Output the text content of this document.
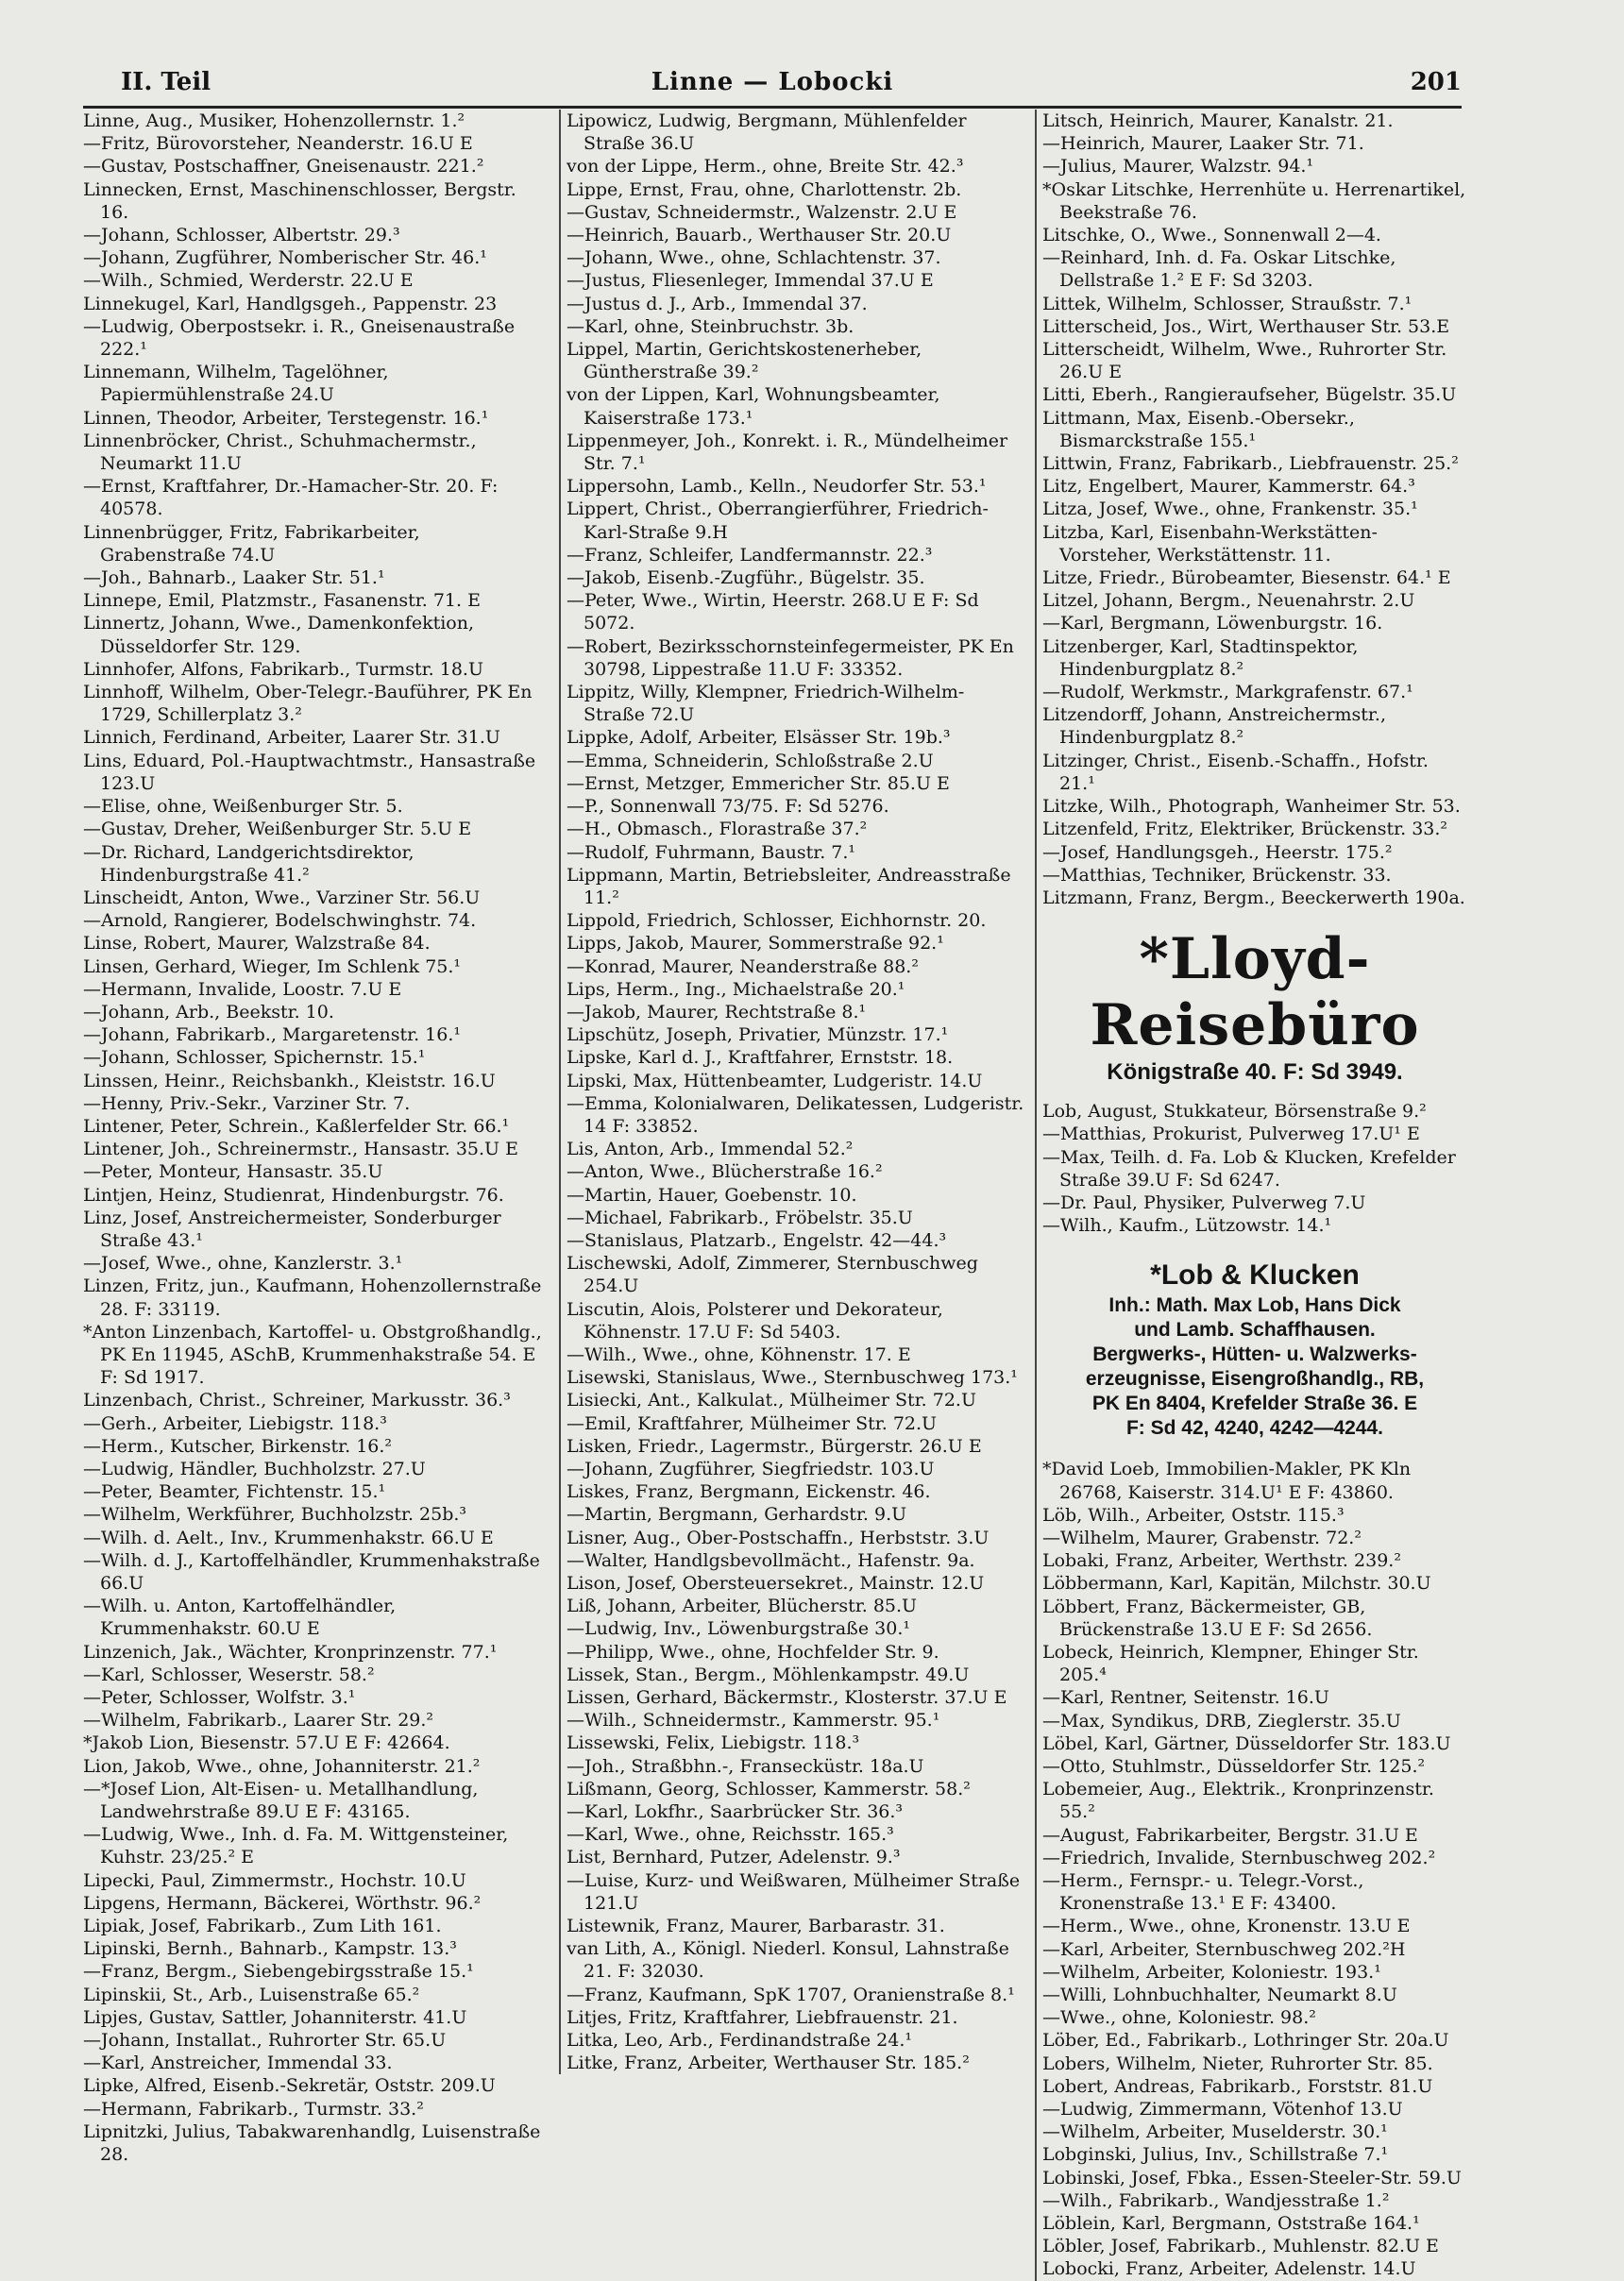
II. Teil	Linne — Lobocki	201
Linne, Aug., Musiker, Hohenzollernstr. 1.²
—Fritz, Bürovorsteher, Neanderstr. 16.U E
—Gustav, Postschaffner, Gneisenaustr. 221.²
Linnecken, Ernst, Maschinenschlosser, Bergstr. 16.
—Johann, Schlosser, Albertstr. 29.³
—Johann, Zugführer, Nomberischer Str. 46.¹
—Wilh., Schmied, Werderstr. 22.U E
Linnekugel, Karl, Handlgsgeh., Pappenstr. 23
—Ludwig, Oberpostsekr. i. R., Gneisenaustraße 222.¹
Linnemann, Wilhelm, Tagelöhner, Papiermühlenstraße 24.U
Linnen, Theodor, Arbeiter, Terstegenstr. 16.¹
Linnenbröcker, Christ., Schuhmachermstr., Neumarkt 11.U
—Ernst, Kraftfahrer, Dr.-Hamacher-Str. 20. F: 40578.
Linnenbrügger, Fritz, Fabrikarbeiter, Grabenstraße 74.U
—Joh., Bahnarb., Laaker Str. 51.¹
Linnepe, Emil, Platzmstr., Fasanenstr. 71. E
Linnertz, Johann, Wwe., Damenkonfektion, Düsseldorfer Str. 129.
Linnhofer, Alfons, Fabrikarb., Turmstr. 18.U
Linnhoff, Wilhelm, Ober-Telegr.-Bauführer, PK En 1729, Schillerplatz 3.²
Linnich, Ferdinand, Arbeiter, Laarer Str. 31.U
Lins, Eduard, Pol.-Hauptwachtmstr., Hansastraße 123.U
—Elise, ohne, Weißenburger Str. 5.
—Gustav, Dreher, Weißenburger Str. 5.U E
—Dr. Richard, Landgerichtsdirektor, Hindenburgstraße 41.²
Linscheidt, Anton, Wwe., Varziner Str. 56.U
—Arnold, Rangierer, Bodelschwinghstr. 74.
Linse, Robert, Maurer, Walzstraße 84.
Linsen, Gerhard, Wieger, Im Schlenk 75.¹
—Hermann, Invalide, Loostr. 7.U E
—Johann, Arb., Beekstr. 10.
—Johann, Fabrikarb., Margaretenstr. 16.¹
—Johann, Schlosser, Spichernstr. 15.¹
Linssen, Heinr., Reichsbankh., Kleiststr. 16.U
—Henny, Priv.-Sekr., Varziner Str. 7.
Lintener, Peter, Schrein., Kaßlerfelder Str. 66.¹
Lintener, Joh., Schreinermstr., Hansastr. 35.U E
—Peter, Monteur, Hansastr. 35.U
Lintjen, Heinz, Studienrat, Hindenburgstr. 76.
Linz, Josef, Anstreichermeister, Sonderburger Straße 43.¹
—Josef, Wwe., ohne, Kanzlerstr. 3.¹
Linzen, Fritz, jun., Kaufmann, Hohenzollernstraße 28. F: 33119.
*Anton Linzenbach, Kartoffel- u. Obstgroßhandlg., PK En 11945, ASchB, Krummenhakstraße 54. E F: Sd 1917.
Linzenbach, Christ., Schreiner, Markusstr. 36.³
—Gerh., Arbeiter, Liebigstr. 118.³
—Herm., Kutscher, Birkenstr. 16.²
—Ludwig, Händler, Buchholzstr. 27.U
—Peter, Beamter, Fichtenstr. 15.¹
—Wilhelm, Werkführer, Buchholzstr. 25b.³
—Wilh. d. Aelt., Inv., Krummenhakstr. 66.U E
—Wilh. d. J., Kartoffelhändler, Krummenhakstraße 66.U
—Wilh. u. Anton, Kartoffelhändler, Krummenhakstr. 60.U E
Linzenich, Jak., Wächter, Kronprinzenstr. 77.¹
—Karl, Schlosser, Weserstr. 58.²
—Peter, Schlosser, Wolfstr. 3.¹
—Wilhelm, Fabrikarb., Laarer Str. 29.²
*Jakob Lion, Biesenstr. 57.U E F: 42664.
Lion, Jakob, Wwe., ohne, Johanniterstr. 21.²
—*Josef Lion, Alt-Eisen- u. Metallhandlung, Landwehrstraße 89.U E F: 43165.
—Ludwig, Wwe., Inh. d. Fa. M. Wittgensteiner, Kuhstr. 23/25.² E
Lipecki, Paul, Zimmermstr., Hochstr. 10.U
Lipgens, Hermann, Bäckerei, Wörthstr. 96.²
Lipiak, Josef, Fabrikarb., Zum Lith 161.
Lipinski, Bernh., Bahnarb., Kampstr. 13.³
—Franz, Bergm., Siebengebirgsstraße 15.¹
Lipinskii, St., Arb., Luisenstraße 65.²
Lipjes, Gustav, Sattler, Johanniterstr. 41.U
—Johann, Installat., Ruhrorter Str. 65.U
—Karl, Anstreicher, Immendal 33.
Lipke, Alfred, Eisenb.-Sekretär, Oststr. 209.U
—Hermann, Fabrikarb., Turmstr. 33.²
Lipnitzki, Julius, Tabakwarenhandlg, Luisenstraße 28.
Lipowicz, Ludwig, Bergmann, Mühlenfelder Straße 36.U
von der Lippe, Herm., ohne, Breite Str. 42.³
Lippe, Ernst, Frau, ohne, Charlottenstr. 2b.
—Gustav, Schneidermstr., Walzenstr. 2.U E
—Heinrich, Bauarb., Werthauser Str. 20.U
—Johann, Wwe., ohne, Schlachtenstr. 37.
—Justus, Fliesenleger, Immendal 37.U E
—Justus d. J., Arb., Immendal 37.
—Karl, ohne, Steinbruchstr. 3b.
Lippel, Martin, Gerichtskostenerheber, Güntherstraße 39.²
von der Lippen, Karl, Wohnungsbeamter, Kaiserstraße 173.¹
Lippenmeyer, Joh., Konrekt. i. R., Mündelheimer Str. 7.¹
Lippersohn, Lamb., Kelln., Neudorfer Str. 53.¹
Lippert, Christ., Oberrangierführer, Friedrich-Karl-Straße 9.H
—Franz, Schleifer, Landfermannstr. 22.³
—Jakob, Eisenb.-Zugführ., Bügelstr. 35.
—Peter, Wwe., Wirtin, Heerstr. 268.U E F: Sd 5072.
—Robert, Bezirksschornsteinfegermeister, PK En 30798, Lippestraße 11.U F: 33352.
Lippitz, Willy, Klempner, Friedrich-Wilhelm-Straße 72.U
Lippke, Adolf, Arbeiter, Elsässer Str. 19b.³
—Emma, Schneiderin, Schloßstraße 2.U
—Ernst, Metzger, Emmericher Str. 85.U E
—P., Sonnenwall 73/75. F: Sd 5276.
—H., Obmasch., Florastraße 37.²
—Rudolf, Fuhrmann, Baustr. 7.¹
Lippmann, Martin, Betriebsleiter, Andreasstraße 11.²
Lippold, Friedrich, Schlosser, Eichhornstr. 20.
Lipps, Jakob, Maurer, Sommerstraße 92.¹
—Konrad, Maurer, Neanderstraße 88.²
Lips, Herm., Ing., Michaelstraße 20.¹
—Jakob, Maurer, Rechtstraße 8.¹
Lipschütz, Joseph, Privatier, Münzstr. 17.¹
Lipske, Karl d. J., Kraftfahrer, Ernststr. 18.
Lipski, Max, Hüttenbeamter, Ludgeristr. 14.U
—Emma, Kolonialwaren, Delikatessen, Ludgeristr. 14 F: 33852.
Lis, Anton, Arb., Immendal 52.²
—Anton, Wwe., Blücherstraße 16.²
—Martin, Hauer, Goebenstr. 10.
—Michael, Fabrikarb., Fröbelstr. 35.U
—Stanislaus, Platzarb., Engelstr. 42—44.³
Lischewski, Adolf, Zimmerer, Sternbuschweg 254.U
Liscutin, Alois, Polsterer und Dekorateur, Köhnenstr. 17.U F: Sd 5403.
—Wilh., Wwe., ohne, Köhnenstr. 17. E
Lisewski, Stanislaus, Wwe., Sternbuschweg 173.¹
Lisiecki, Ant., Kalkulat., Mülheimer Str. 72.U
—Emil, Kraftfahrer, Mülheimer Str. 72.U
Lisken, Friedr., Lagermstr., Bürgerstr. 26.U E
—Johann, Zugführer, Siegfriedstr. 103.U
Liskes, Franz, Bergmann, Eickenstr. 46.
—Martin, Bergmann, Gerhardstr. 9.U
Lisner, Aug., Ober-Postschaffn., Herbststr. 3.U
—Walter, Handlgsbevollmächt., Hafenstr. 9a.
Lison, Josef, Obersteuersekret., Mainstr. 12.U
Liß, Johann, Arbeiter, Blücherstr. 85.U
—Ludwig, Inv., Löwenburgstraße 30.¹
—Philipp, Wwe., ohne, Hochfelder Str. 9.
Lissek, Stan., Bergm., Möhlenkampstr. 49.U
Lissen, Gerhard, Bäckermstr., Klosterstr. 37.U E
—Wilh., Schneidermstr., Kammerstr. 95.¹
Lissewski, Felix, Liebigstr. 118.³
—Joh., Straßbhn.-, Fransecküstr. 18a.U
Lißmann, Georg, Schlosser, Kammerstr. 58.²
—Karl, Lokfhr., Saarbrücker Str. 36.³
—Karl, Wwe., ohne, Reichsstr. 165.³
List, Bernhard, Putzer, Adelenstr. 9.³
—Luise, Kurz- und Weißwaren, Mülheimer Straße 121.U
Listewnik, Franz, Maurer, Barbarastr. 31.
van Lith, A., Königl. Niederl. Konsul, Lahnstraße 21. F: 32030.
—Franz, Kaufmann, SpK 1707, Oranienstraße 8.¹
Litjes, Fritz, Kraftfahrer, Liebfrauenstr. 21.
Litka, Leo, Arb., Ferdinandstraße 24.¹
Litke, Franz, Arbeiter, Werthauser Str. 185.²
Litsch, Heinrich, Maurer, Kanalstr. 21.
—Heinrich, Maurer, Laaker Str. 71.
—Julius, Maurer, Walzstr. 94.¹
*Oskar Litschke, Herrenhüte u. Herrenartikel, Beekstraße 76.
Litschke, O., Wwe., Sonnenwall 2—4.
—Reinhard, Inh. d. Fa. Oskar Litschke, Dellstraße 1.² E F: Sd 3203.
Littek, Wilhelm, Schlosser, Straußstr. 7.¹
Litterscheid, Jos., Wirt, Werthauser Str. 53.E
Litterscheidt, Wilhelm, Wwe., Ruhrorter Str. 26.U E
Litti, Eberh., Rangieraufseher, Bügelstr. 35.U
Littmann, Max, Eisenb.-Obersekr., Bismarckstraße 155.¹
Littwin, Franz, Fabrikarb., Liebfrauenstr. 25.²
Litz, Engelbert, Maurer, Kammerstr. 64.³
Litza, Josef, Wwe., ohne, Frankenstr. 35.¹
Litzba, Karl, Eisenbahn-Werkstätten-Vorsteher, Werkstättenstr. 11.
Litze, Friedr., Bürobeamter, Biesenstr. 64.¹ E
Litzel, Johann, Bergm., Neuenahrstr. 2.U
—Karl, Bergmann, Löwenburgstr. 16.
Litzenberger, Karl, Stadtinspektor, Hindenburgplatz 8.²
—Rudolf, Werkmstr., Markgrafenstr. 67.¹
Litzendorff, Johann, Anstreichermstr., Hindenburgplatz 8.²
Litzinger, Christ., Eisenb.-Schaffn., Hofstr. 21.¹
Litzke, Wilh., Photograph, Wanheimer Str. 53.
Litzenfeld, Fritz, Elektriker, Brückenstr. 33.²
—Josef, Handlungsgeh., Heerstr. 175.²
—Matthias, Techniker, Brückenstr. 33.
Litzmann, Franz, Bergm., Beeckerwerth 190a.
*Lloyd-Reisebüro
Königstraße 40. F: Sd 3949.
Lob, August, Stukkateur, Börsenstraße 9.²
—Matthias, Prokurist, Pulverweg 17.U¹ E
—Max, Teilh. d. Fa. Lob & Klucken, Krefelder Straße 39.U F: Sd 6247.
—Dr. Paul, Physiker, Pulverweg 7.U
—Wilh., Kaufm., Lützowstr. 14.¹
*Lob & Klucken
Inh.: Math. Max Lob, Hans Dick
und Lamb. Schaffhausen.
Bergwerks-, Hütten- u. Walzwerks-
erzeugnisse, Eisengroßhandlg., RB,
PK En 8404, Krefelder Straße 36. E
F: Sd 42, 4240, 4242—4244.
*David Loeb, Immobilien-Makler, PK Kln 26768, Kaiserstr. 314.U¹ E F: 43860.
Löb, Wilh., Arbeiter, Oststr. 115.³
—Wilhelm, Maurer, Grabenstr. 72.²
Lobaki, Franz, Arbeiter, Werthstr. 239.²
Löbbermann, Karl, Kapitän, Milchstr. 30.U
Löbbert, Franz, Bäckermeister, GB, Brückenstraße 13.U E F: Sd 2656.
Lobeck, Heinrich, Klempner, Ehinger Str. 205.⁴
—Karl, Rentner, Seitenstr. 16.U
—Max, Syndikus, DRB, Zieglerstr. 35.U
Löbel, Karl, Gärtner, Düsseldorfer Str. 183.U
—Otto, Stuhlmstr., Düsseldorfer Str. 125.²
Lobemeier, Aug., Elektrik., Kronprinzenstr. 55.²
—August, Fabrikarbeiter, Bergstr. 31.U E
—Friedrich, Invalide, Sternbuschweg 202.²
—Herm., Fernspr.- u. Telegr.-Vorst., Kronenstraße 13.¹ E F: 43400.
—Herm., Wwe., ohne, Kronenstr. 13.U E
—Karl, Arbeiter, Sternbuschweg 202.²H
—Wilhelm, Arbeiter, Koloniestr. 193.¹
—Willi, Lohnbuchhalter, Neumarkt 8.U
—Wwe., ohne, Koloniestr. 98.²
Löber, Ed., Fabrikarb., Lothringer Str. 20a.U
Lobers, Wilhelm, Nieter, Ruhrorter Str. 85.
Lobert, Andreas, Fabrikarb., Forststr. 81.U
—Ludwig, Zimmermann, Vötenhof 13.U
—Wilhelm, Arbeiter, Muselderstr. 30.¹
Lobginski, Julius, Inv., Schillstraße 7.¹
Lobinski, Josef, Fbka., Essen-Steeler-Str. 59.U
—Wilh., Fabrikarb., Wandjesstraße 1.²
Löblein, Karl, Bergmann, Oststraße 164.¹
Löbler, Josef, Fabrikarb., Muhlenstr. 82.U E
Lobocki, Franz, Arbeiter, Adelenstr. 14.U
